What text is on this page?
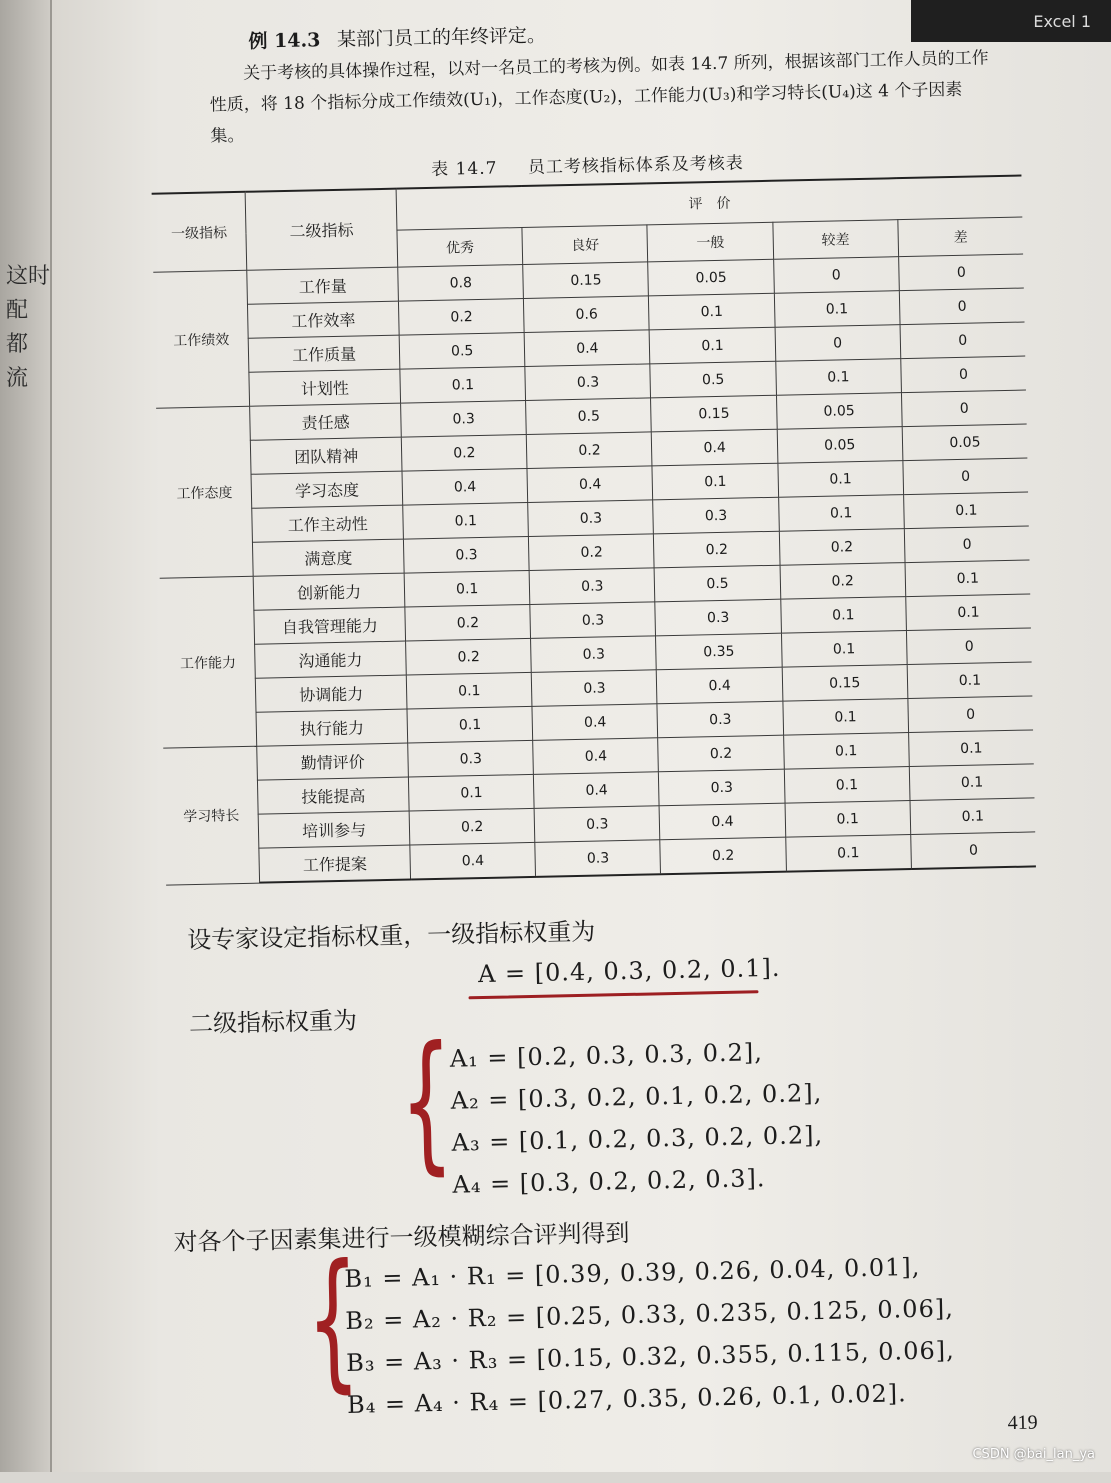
这时
配
都
流
Excel 1
例 14.3 某部门员工的年终评定。

关于考核的具体操作过程，以对一名员工的考核为例。如表 14.7 所列，根据该部门工作人员的工作性质，将 18 个指标分成工作绩效(U₁)，工作态度(U₂)，工作能力(U₃)和学习特长(U₄)这 4 个子因素集。

表 14.7 员工考核指标体系及考核表
一级指标	二级指标	评　价				
		优秀	良好	一般	较差	差
工作绩效	工作量	0.8	0.15	0.05	0	0
	工作效率	0.2	0.6	0.1	0.1	0
	工作质量	0.5	0.4	0.1	0	0
	计划性	0.1	0.3	0.5	0.1	0
工作态度	责任感	0.3	0.5	0.15	0.05	0
	团队精神	0.2	0.2	0.4	0.05	0.05
	学习态度	0.4	0.4	0.1	0.1	0
	工作主动性	0.1	0.3	0.3	0.1	0.1
	满意度	0.3	0.2	0.2	0.2	0
工作能力	创新能力	0.1	0.3	0.5	0.2	0.1
	自我管理能力	0.2	0.3	0.3	0.1	0.1
	沟通能力	0.2	0.3	0.35	0.1	0
	协调能力	0.1	0.3	0.4	0.15	0.1
	执行能力	0.1	0.4	0.3	0.1	0
学习特长	勤情评价	0.3	0.4	0.2	0.1	0.1
	技能提高	0.1	0.4	0.3	0.1	0.1
	培训参与	0.2	0.3	0.4	0.1	0.1
	工作提案	0.4	0.3	0.2	0.1	0
设专家设定指标权重，一级指标权重为
A = [0.4, 0.3, 0.2, 0.1].
二级指标权重为 {
A₁ = [0.2, 0.3, 0.3, 0.2],
A₂ = [0.3, 0.2, 0.1, 0.2, 0.2],
A₃ = [0.1, 0.2, 0.3, 0.2, 0.2],
A₄ = [0.3, 0.2, 0.2, 0.3].
对各个子因素集进行一级模糊综合评判得到
{
B₁ = A₁ · R₁ = [0.39, 0.39, 0.26, 0.04, 0.01],
B₂ = A₂ · R₂ = [0.25, 0.33, 0.235, 0.125, 0.06],
B₃ = A₃ · R₃ = [0.15, 0.32, 0.355, 0.115, 0.06],
B₄ = A₄ · R₄ = [0.27, 0.35, 0.26, 0.1, 0.02].
419
CSDN @bai_lan_ya
